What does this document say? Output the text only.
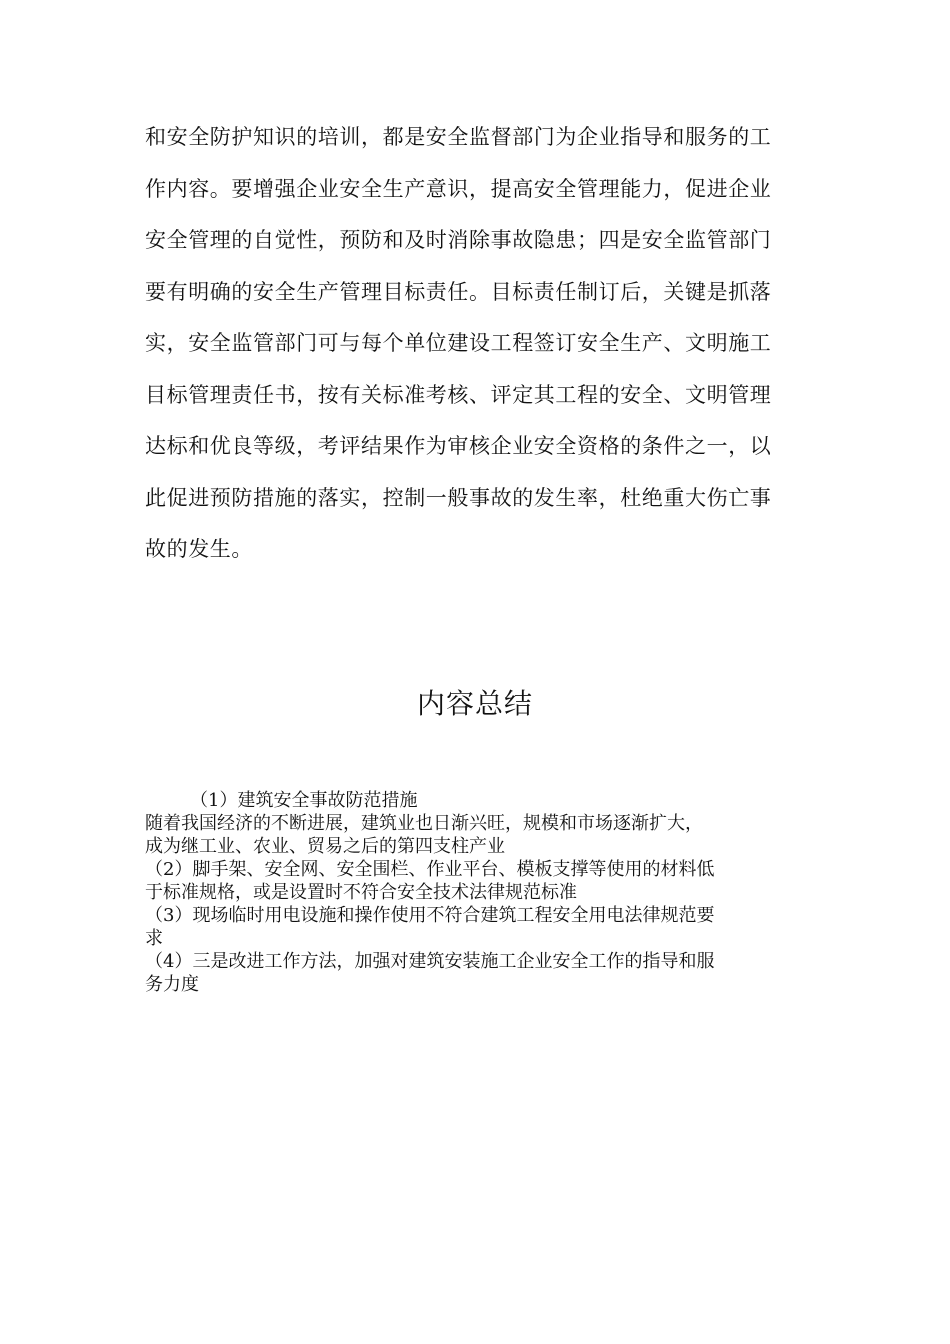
和安全防护知识的培训，都是安全监督部门为企业指导和服务的工
作内容。要增强企业安全生产意识，提高安全管理能力，促进企业
安全管理的自觉性，预防和及时消除事故隐患；四是安全监管部门
要有明确的安全生产管理目标责任。目标责任制订后，关键是抓落
实，安全监管部门可与每个单位建设工程签订安全生产、文明施工
目标管理责任书，按有关标准考核、评定其工程的安全、文明管理
达标和优良等级，考评结果作为审核企业安全资格的条件之一，以
此促进预防措施的落实，控制一般事故的发生率，杜绝重大伤亡事
故的发生。
内容总结
（1）建筑安全事故防范措施
随着我国经济的不断进展，建筑业也日渐兴旺，规模和市场逐渐扩大，
成为继工业、农业、贸易之后的第四支柱产业
（2）脚手架、安全网、安全围栏、作业平台、模板支撑等使用的材料低
于标准规格，或是设置时不符合安全技术法律规范标准
（3）现场临时用电设施和操作使用不符合建筑工程安全用电法律规范要
求
（4）三是改进工作方法，加强对建筑安装施工企业安全工作的指导和服
务力度
